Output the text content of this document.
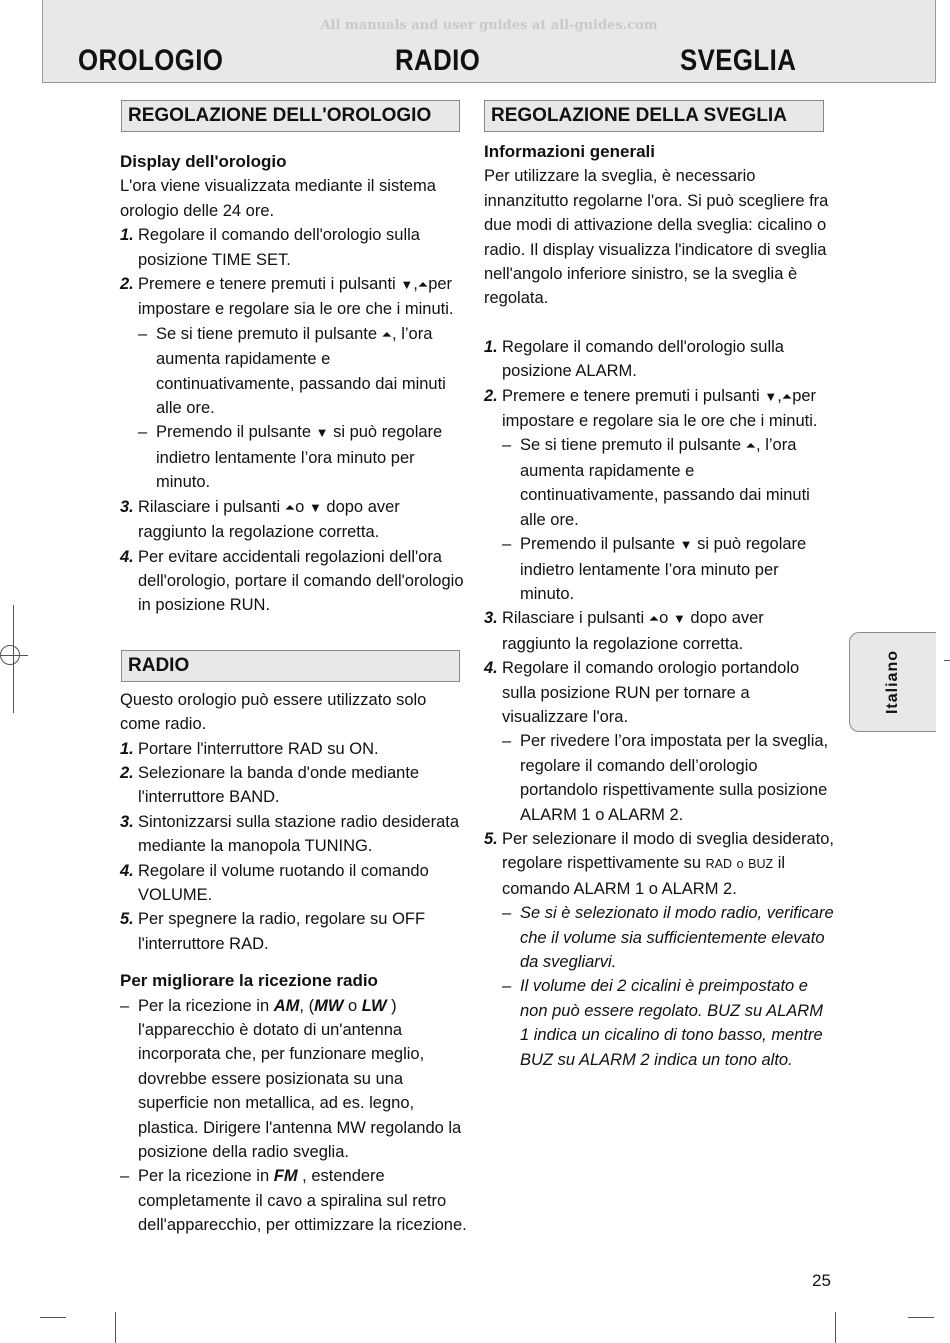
All manuals and user guides at all-guides.com
OROLOGIO	RADIO	SVEGLIA
REGOLAZIONE DELL'OROLOGIO

Display dell'orologio

L'ora viene visualizzata mediante il sistema orologio delle 24 ore.

1. Regolare il comando dell'orologio sulla posizione TIME SET.

2. Premere e tenere premuti i pulsanti ▼,⏶per impostare e regolare sia le ore che i minuti.

– Se si tiene premuto il pulsante ⏶, l’ora aumenta rapidamente e continuativamente, passando dai minuti alle ore.

– Premendo il pulsante ▼ si può regolare indietro lentamente l’ora minuto per minuto.

3. Rilasciare i pulsanti ⏶o ▼ dopo aver raggiunto la regolazione corretta.

4. Per evitare accidentali regolazioni dell'ora dell'orologio, portare il comando dell'orologio in posizione RUN.

RADIO

Questo orologio può essere utilizzato solo come radio.

1. Portare l'interruttore RAD su ON.

2. Selezionare la banda d'onde mediante l'interruttore BAND.

3. Sintonizzarsi sulla stazione radio desiderata mediante la manopola TUNING.

4. Regolare il volume ruotando il comando VOLUME.

5. Per spegnere la radio, regolare su OFF l'interruttore RAD.

Per migliorare la ricezione radio

– Per la ricezione in AM, (MW o LW ) l'apparecchio è dotato di un'antenna incorporata che, per funzionare meglio, dovrebbe essere posizionata su una superficie non metallica, ad es. legno, plastica. Dirigere l'antenna MW regolando la posizione della radio sveglia.

– Per la ricezione in FM , estendere completamente il cavo a spiralina sul retro dell'apparecchio, per ottimizzare la ricezione.

REGOLAZIONE DELLA SVEGLIA

Informazioni generali

Per utilizzare la sveglia, è necessario innanzitutto regolarne l'ora. Si può scegliere fra due modi di attivazione della sveglia: cicalino o radio. Il display visualizza l'indicatore di sveglia nell'angolo inferiore sinistro, se la sveglia è regolata.

1. Regolare il comando dell'orologio sulla posizione ALARM.

2. Premere e tenere premuti i pulsanti ▼,⏶per impostare e regolare sia le ore che i minuti.

– Se si tiene premuto il pulsante ⏶, l’ora aumenta rapidamente e continuativamente, passando dai minuti alle ore.

– Premendo il pulsante ▼ si può regolare indietro lentamente l’ora minuto per minuto.

3. Rilasciare i pulsanti ⏶o ▼ dopo aver raggiunto la regolazione corretta.

4. Regolare il comando orologio portandolo sulla posizione RUN per tornare a visualizzare l'ora.

– Per rivedere l’ora impostata per la sveglia, regolare il comando dell’orologio portandolo rispettivamente sulla posizione ALARM 1 o ALARM 2.

5. Per selezionare il modo di sveglia desiderato, regolare rispettivamente su RAD o BUZ il comando ALARM 1 o ALARM 2.

– Se si è selezionato il modo radio, verificare che il volume sia sufficientemente elevato da svegliarvi.

– Il volume dei 2 cicalini è preimpostato e non può essere regolato. BUZ su ALARM 1 indica un cicalino di tono basso, mentre BUZ su ALARM 2 indica un tono alto.

Italiano
25
